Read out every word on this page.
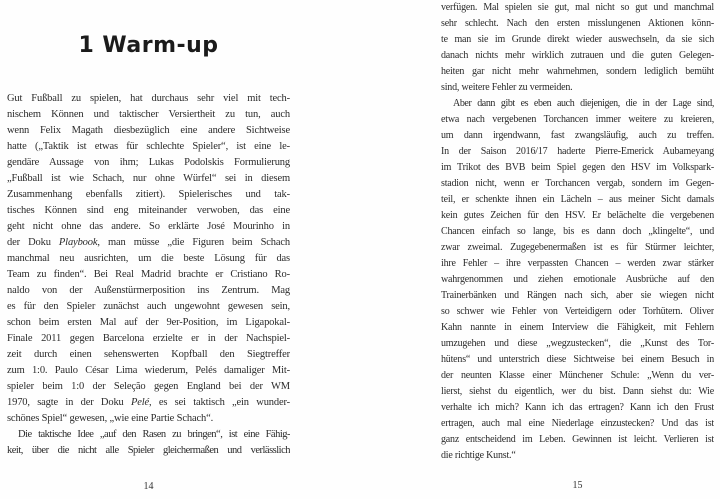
1 Warm-up
Gut Fußball zu spielen, hat durchaus sehr viel mit tech-
nischem Können und taktischer Versiertheit zu tun, auch
wenn Felix Magath diesbezüglich eine andere Sichtweise
hatte („Taktik ist etwas für schlechte Spieler“, ist eine le-
gendäre Aussage von ihm; Lukas Podolskis Formulierung
„Fußball ist wie Schach, nur ohne Würfel“ sei in diesem
Zusammenhang ebenfalls zitiert). Spielerisches und tak-
tisches Können sind eng miteinander verwoben, das eine
geht nicht ohne das andere. So erklärte José Mourinho in
der Doku Playbook, man müsse „die Figuren beim Schach
manchmal neu ausrichten, um die beste Lösung für das
Team zu finden“. Bei Real Madrid brachte er Cristiano Ro-
naldo von der Außenstürmerposition ins Zentrum. Mag
es für den Spieler zunächst auch ungewohnt gewesen sein,
schon beim ersten Mal auf der 9er-Position, im Ligapokal-
Finale 2011 gegen Barcelona erzielte er in der Nachspiel-
zeit durch einen sehenswerten Kopfball den Siegtreffer
zum 1:0. Paulo César Lima wiederum, Pelés damaliger Mit-
spieler beim 1:0 der Seleção gegen England bei der WM
1970, sagte in der Doku Pelé, es sei taktisch „ein wunder-
schönes Spiel“ gewesen, „wie eine Partie Schach“.
Die taktische Idee „auf den Rasen zu bringen“, ist eine Fähig-
keit, über die nicht alle Spieler gleichermaßen und verlässlich
14
verfügen. Mal spielen sie gut, mal nicht so gut und manchmal
sehr schlecht. Nach den ersten misslungenen Aktionen könn-
te man sie im Grunde direkt wieder auswechseln, da sie sich
danach nichts mehr wirklich zutrauen und die guten Gelegen-
heiten gar nicht mehr wahrnehmen, sondern lediglich bemüht
sind, weitere Fehler zu vermeiden.
Aber dann gibt es eben auch diejenigen, die in der Lage sind,
etwa nach vergebenen Torchancen immer weitere zu kreieren,
um dann irgendwann, fast zwangsläufig, auch zu treffen.
In der Saison 2016/17 haderte Pierre-Emerick Aubameyang
im Trikot des BVB beim Spiel gegen den HSV im Volkspark-
stadion nicht, wenn er Torchancen vergab, sondern im Gegen-
teil, er schenkte ihnen ein Lächeln – aus meiner Sicht damals
kein gutes Zeichen für den HSV. Er belächelte die vergebenen
Chancen einfach so lange, bis es dann doch „klingelte“, und
zwar zweimal. Zugegebenermaßen ist es für Stürmer leichter,
ihre Fehler – ihre verpassten Chancen – werden zwar stärker
wahrgenommen und ziehen emotionale Ausbrüche auf den
Trainerbänken und Rängen nach sich, aber sie wiegen nicht
so schwer wie Fehler von Verteidigern oder Torhütern. Oliver
Kahn nannte in einem Interview die Fähigkeit, mit Fehlern
umzugehen und diese „wegzustecken“, die „Kunst des Tor-
hütens“ und unterstrich diese Sichtweise bei einem Besuch in
der neunten Klasse einer Münchener Schule: „Wenn du ver-
lierst, siehst du eigentlich, wer du bist. Dann siehst du: Wie
verhalte ich mich? Kann ich das ertragen? Kann ich den Frust
ertragen, auch mal eine Niederlage einzustecken? Und das ist
ganz entscheidend im Leben. Gewinnen ist leicht. Verlieren ist
die richtige Kunst.“
15
